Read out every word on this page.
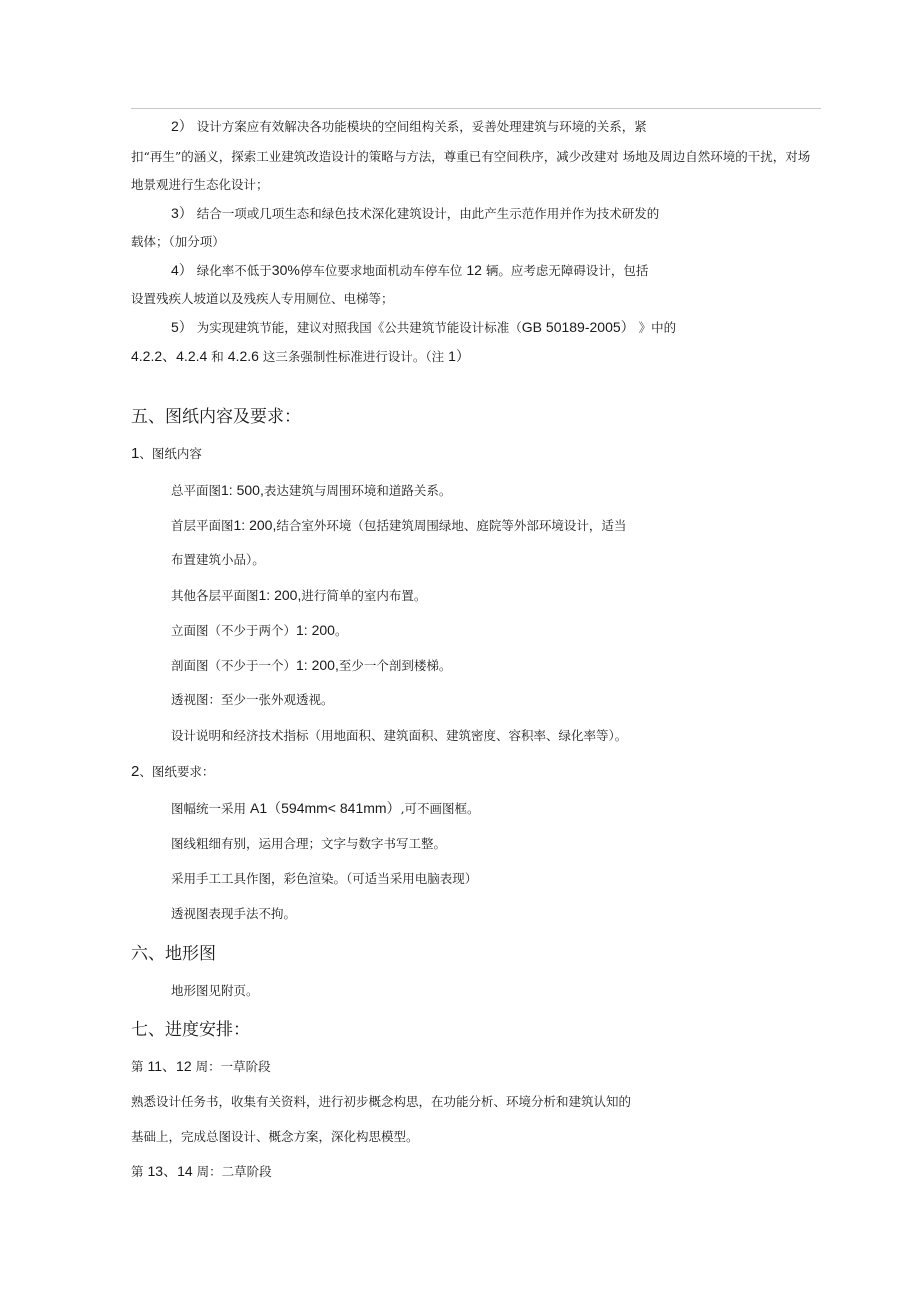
2） 设计方案应有效解决各功能模块的空间组构关系，妥善处理建筑与环境的关系，紧
扣“再生”的涵义，探索工业建筑改造设计的策略与方法，尊重已有空间秩序，减少改建对 场地及周边自然环境的干扰，对场
地景观进行生态化设计；
3） 结合一项或几项生态和绿色技术深化建筑设计，由此产生示范作用并作为技术研发的
载体；（加分项）
4） 绿化率不低于30%停车位要求地面机动车停车位 12 辆。应考虑无障碍设计，包括
设置残疾人坡道以及残疾人专用厕位、电梯等；
5） 为实现建筑节能，建议对照我国《公共建筑节能设计标准（GB 50189-2005） 》中的
4.2.2、4.2.4 和 4.2.6 这三条强制性标准进行设计。（注 1）
五、图纸内容及要求：
1、图纸内容
总平面图1: 500,表达建筑与周围环境和道路关系。
首层平面图1: 200,结合室外环境（包括建筑周围绿地、庭院等外部环境设计，适当
布置建筑小品）。
其他各层平面图1: 200,进行简单的室内布置。
立面图（不少于两个）1: 200。
剖面图（不少于一个）1: 200,至少一个剖到楼梯。
透视图：至少一张外观透视。
设计说明和经济技术指标（用地面积、建筑面积、建筑密度、容积率、绿化率等）。
2、图纸要求：
图幅统一采用 A1（594mm< 841mm）,可不画图框。
图线粗细有别，运用合理；文字与数字书写工整。
采用手工工具作图，彩色渲染。（可适当采用电脑表现）
透视图表现手法不拘。
六、地形图
地形图见附页。
七、进度安排：
第 11、12 周：一草阶段
熟悉设计任务书，收集有关资料，进行初步概念构思，在功能分析、环境分析和建筑认知的
基础上，完成总图设计、概念方案，深化构思模型。
第 13、14 周：二草阶段
